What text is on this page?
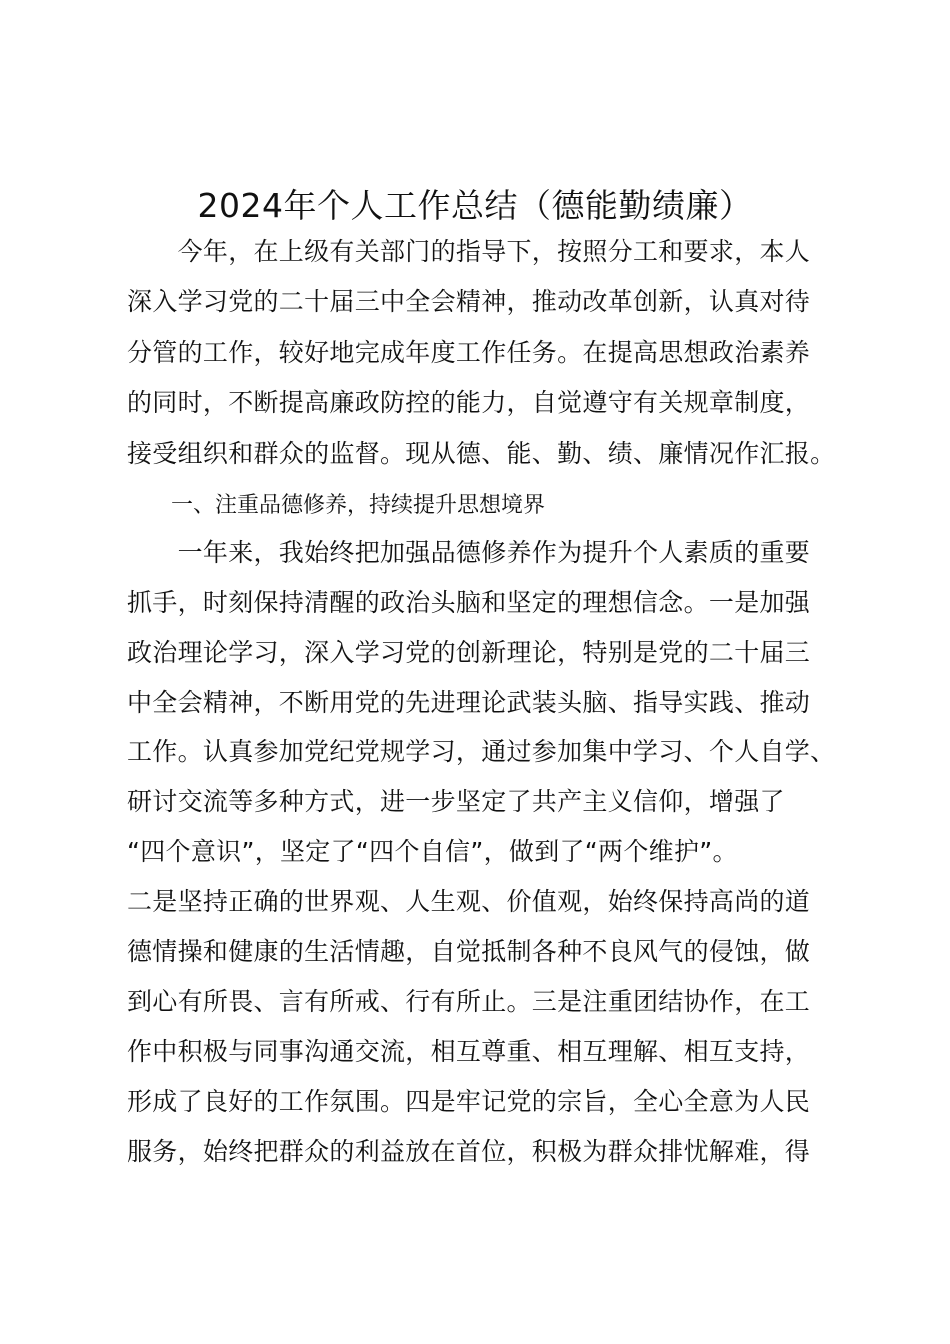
2024年个人工作总结（德能勤绩廉）
　　今年，在上级有关部门的指导下，按照分工和要求，本人
深入学习党的二十届三中全会精神，推动改革创新，认真对待
分管的工作，较好地完成年度工作任务。在提高思想政治素养
的同时，不断提高廉政防控的能力，自觉遵守有关规章制度，
接受组织和群众的监督。现从德、能、勤、绩、廉情况作汇报。
　　一、注重品德修养，持续提升思想境界
　　一年来，我始终把加强品德修养作为提升个人素质的重要
抓手，时刻保持清醒的政治头脑和坚定的理想信念。一是加强
政治理论学习，深入学习党的创新理论，特别是党的二十届三
中全会精神，不断用党的先进理论武装头脑、指导实践、推动
工作。认真参加党纪党规学习，通过参加集中学习、个人自学、
研讨交流等多种方式，进一步坚定了共产主义信仰，增强了
“四个意识”，坚定了“四个自信”，做到了“两个维护”。
二是坚持正确的世界观、人生观、价值观，始终保持高尚的道
德情操和健康的生活情趣，自觉抵制各种不良风气的侵蚀，做
到心有所畏、言有所戒、行有所止。三是注重团结协作，在工
作中积极与同事沟通交流，相互尊重、相互理解、相互支持，
形成了良好的工作氛围。四是牢记党的宗旨，全心全意为人民
服务，始终把群众的利益放在首位，积极为群众排忧解难，得
